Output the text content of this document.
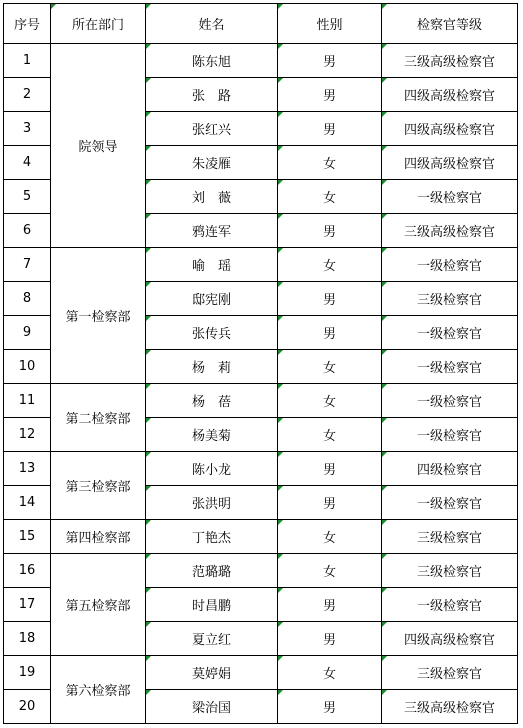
序号	所在部门	姓名	性别	检察官等级
1	院领导	陈东旭	男	三级高级检察官
2		张　路	男	四级高级检察官
3		张红兴	男	四级高级检察官
4		朱凌雁	女	四级高级检察官
5		刘　薇	女	一级检察官
6		鸦连军	男	三级高级检察官
7	第一检察部	喻　瑶	女	一级检察官
8		邸宪刚	男	三级检察官
9		张传兵	男	一级检察官
10		杨　莉	女	一级检察官
11	第二检察部	杨　蓓	女	一级检察官
12		杨美菊	女	一级检察官
13	第三检察部	陈小龙	男	四级检察官
14		张洪明	男	一级检察官
15	第四检察部	丁艳杰	女	三级检察官
16	第五检察部	范璐璐	女	三级检察官
17		时昌鹏	男	一级检察官
18		夏立红	男	四级高级检察官
19	第六检察部	莫婷娟	女	三级检察官
20		梁治国	男	三级高级检察官
